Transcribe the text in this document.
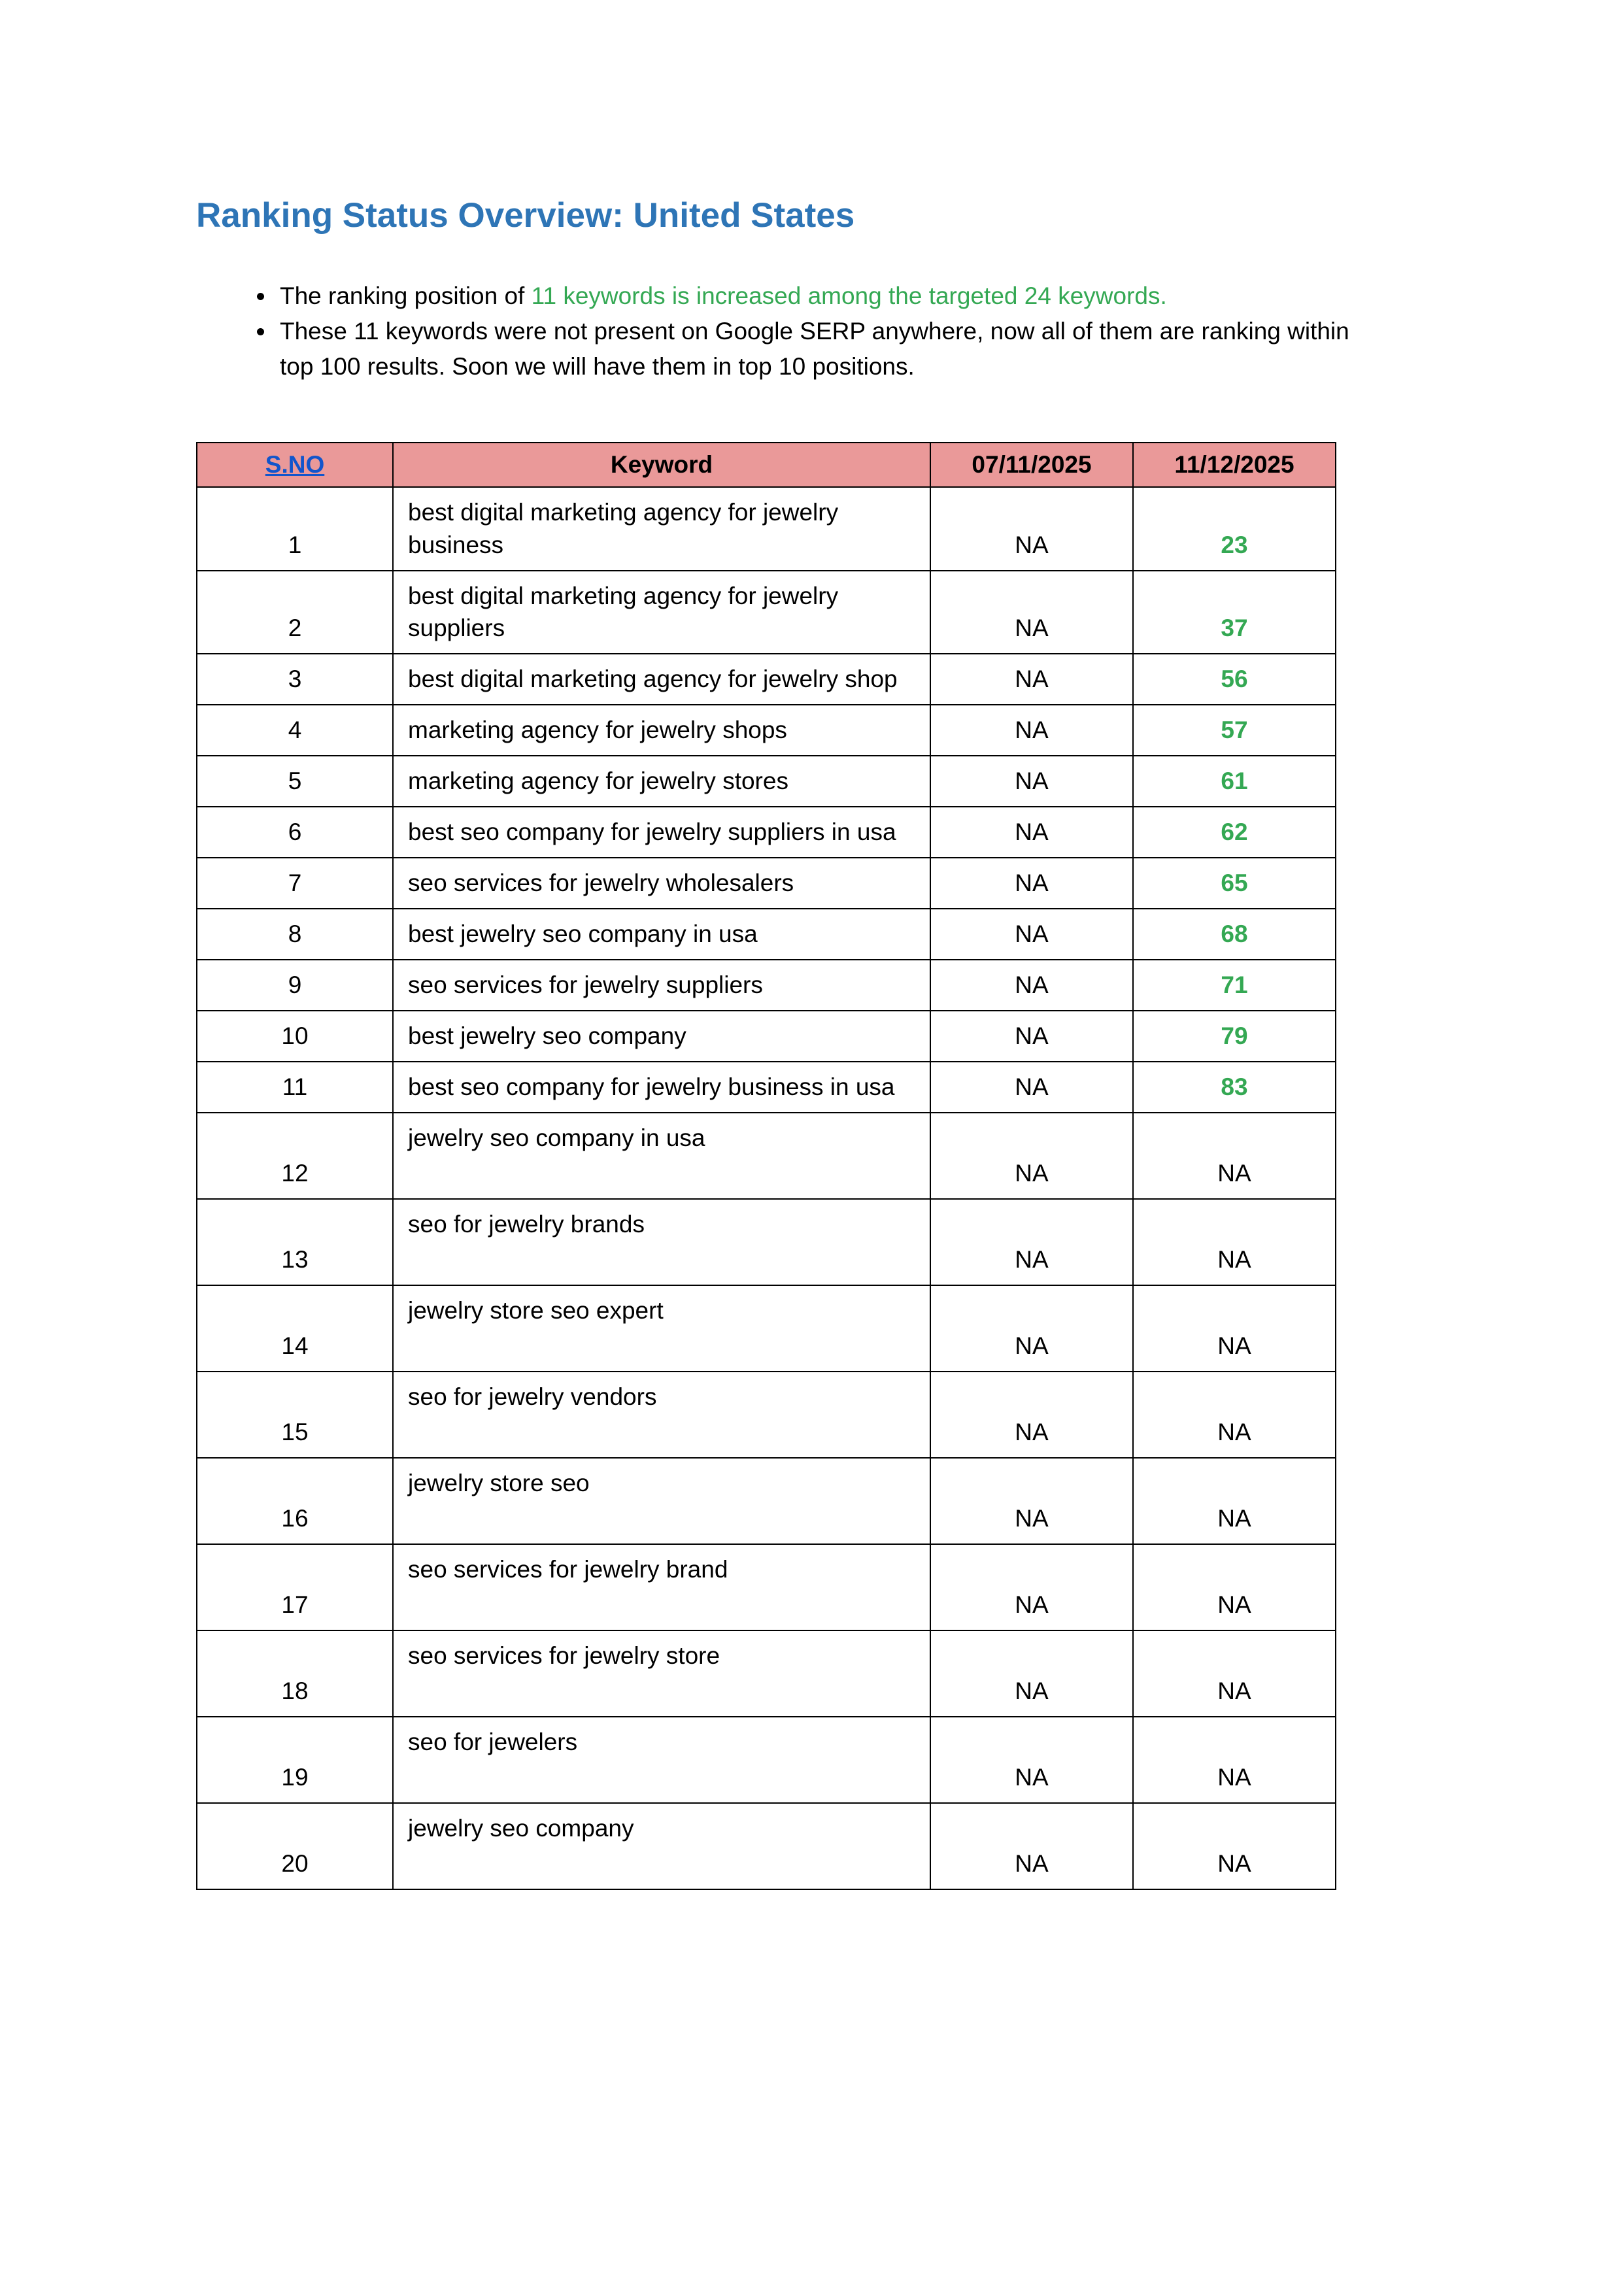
Ranking Status Overview: United States
• The ranking position of 11 keywords is increased among the targeted 24 keywords.
• These 11 keywords were not present on Google SERP anywhere, now all of them are ranking within top 100 results. Soon we will have them in top 10 positions.
S.NO	Keyword	07/11/2025	11/12/2025
1	best digital marketing agency for jewelry business	NA	23
2	best digital marketing agency for jewelry suppliers	NA	37
3	best digital marketing agency for jewelry shop	NA	56
4	marketing agency for jewelry shops	NA	57
5	marketing agency for jewelry stores	NA	61
6	best seo company for jewelry suppliers in usa	NA	62
7	seo services for jewelry wholesalers	NA	65
8	best jewelry seo company in usa	NA	68
9	seo services for jewelry suppliers	NA	71
10	best jewelry seo company	NA	79
11	best seo company for jewelry business in usa	NA	83
12	jewelry seo company in usa	NA	NA
13	seo for jewelry brands	NA	NA
14	jewelry store seo expert	NA	NA
15	seo for jewelry vendors	NA	NA
16	jewelry store seo	NA	NA
17	seo services for jewelry brand	NA	NA
18	seo services for jewelry store	NA	NA
19	seo for jewelers	NA	NA
20	jewelry seo company	NA	NA
